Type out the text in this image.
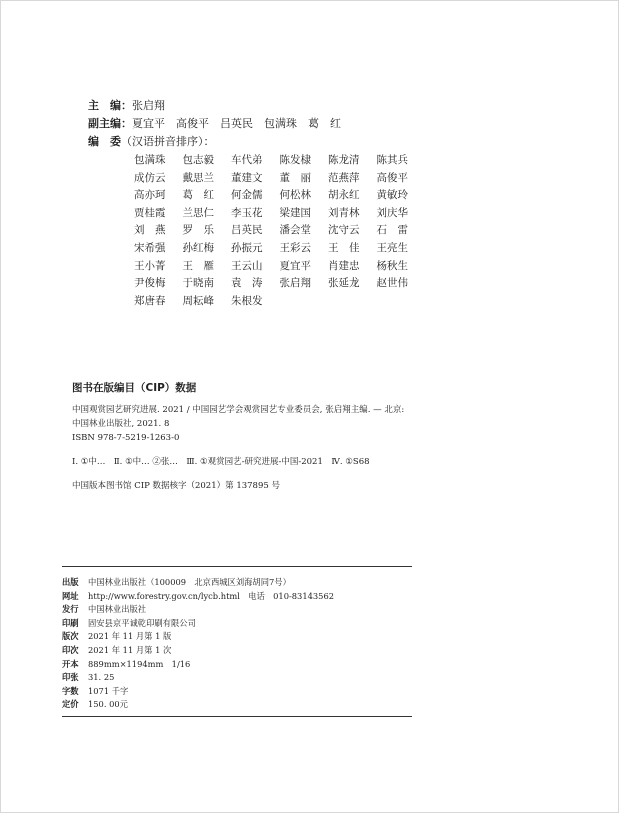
主　编：张启翔
副主编：夏宜平　高俊平　吕英民　包满珠　葛　红
编　委（汉语拼音排序）：
包满珠 包志毅 车代弟 陈发棣 陈龙清 陈其兵
成仿云 戴思兰 董建文 董　丽 范燕萍 高俊平
高亦珂 葛　红 何金儒 何松林 胡永红 黄敏玲
贾桂霞 兰思仁 李玉花 梁建国 刘青林 刘庆华
刘　燕 罗　乐 吕英民 潘会堂 沈守云 石　雷
宋希强 孙红梅 孙振元 王彩云 王　佳 王亮生
王小菁 王　雁 王云山 夏宜平 肖建忠 杨秋生
尹俊梅 于晓南 袁　涛 张启翔 张延龙 赵世伟
郑唐春 周耘峰 朱根发
图书在版编目（CIP）数据
中国观赏园艺研究进展. 2021 / 中国园艺学会观赏园艺专业委员会, 张启翔主编. — 北京:
中国林业出版社, 2021. 8
ISBN 978-7-5219-1263-0
Ⅰ. ①中…　Ⅱ. ①中… ②张…　Ⅲ. ①观赏园艺-研究进展-中国-2021　Ⅳ. ①S68
中国版本图书馆 CIP 数据核字（2021）第 137895 号
出版 中国林业出版社（100009　北京西城区刘海胡同7号）
网址 http://www.forestry.gov.cn/lycb.html　电话　010-83143562
发行 中国林业出版社
印刷 固安县京平诚乾印刷有限公司
版次 2021 年 11 月第 1 版
印次 2021 年 11 月第 1 次
开本 889mm×1194mm　1/16
印张 31. 25
字数 1071 千字
定价 150. 00元
